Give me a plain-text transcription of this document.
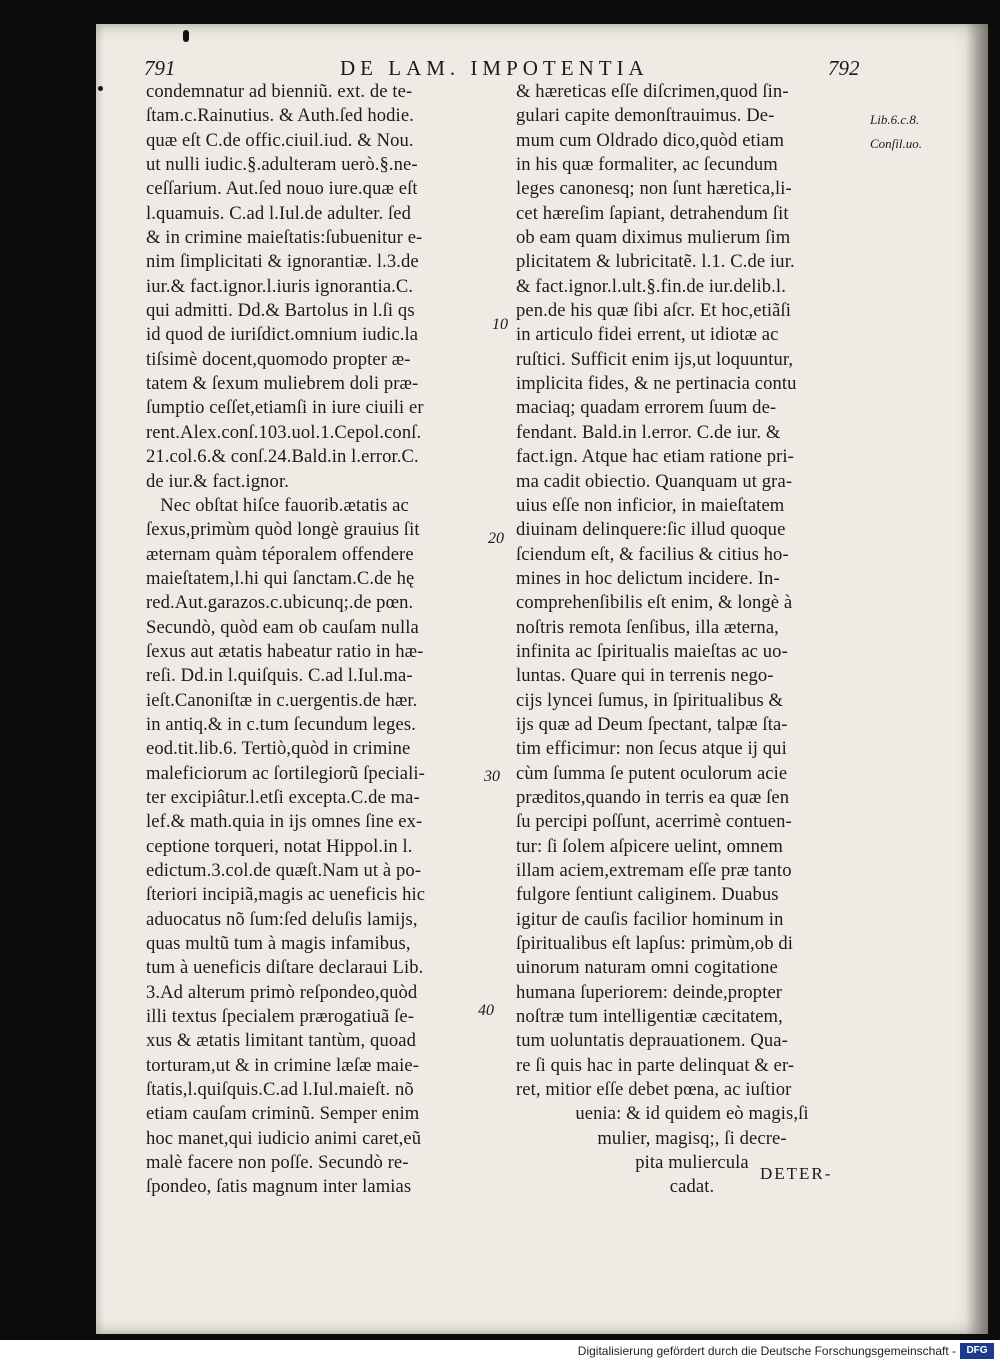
791	DE LAM. IMPOTENTIA	792
condemnatur ad bienniũ. ext. de te-
ſtam.c.Rainutius. & Auth.ſed hodie.
quæ eſt C.de offic.ciuil.iud. & Nou.
ut nulli iudic.§.adulteram uerò.§.ne-
ceſſarium. Aut.ſed nouo iure.quæ eſt
l.quamuis. C.ad l.Iul.de adulter. ſed
& in crimine maieſtatis:ſubuenitur e-
nim ſimplicitati & ignorantiæ. l.3.de
iur.& fact.ignor.l.iuris ignorantia.C.
qui admitti. Dd.& Bartolus in l.ſi qs
id quod de iuriſdict.omnium iudic.la
tiſsimè docent,quomodo propter æ-
tatem & ſexum muliebrem doli præ-
ſumptio ceſſet,etiamſi in iure ciuili er
rent.Alex.conſ.103.uol.1.Cepol.conſ.
21.col.6.& conſ.24.Bald.in l.error.C.
de iur.& fact.ignor.
Nec obſtat hiſce fauorib.ætatis ac
ſexus,primùm quòd longè grauius ſit
æternam quàm téporalem offendere
maieſtatem,l.hi qui ſanctam.C.de hę
red.Aut.garazos.c.ubicunq;.de pœn.
Secundò, quòd eam ob cauſam nulla
ſexus aut ætatis habeatur ratio in hæ-
reſi. Dd.in l.quiſquis. C.ad l.Iul.ma-
ieſt.Canoniſtæ in c.uergentis.de hær.
in antiq.& in c.tum ſecundum leges.
eod.tit.lib.6. Tertiò,quòd in crimine
maleficiorum ac ſortilegiorũ ſpeciali-
ter excipiâtur.l.etſi excepta.C.de ma-
lef.& math.quia in ijs omnes ſine ex-
ceptione torqueri, notat Hippol.in l.
edictum.3.col.de quæſt.Nam ut à po-
ſteriori incipiã,magis ac ueneficis hic
aduocatus nõ ſum:ſed deluſis lamijs,
quas multũ tum à magis infamibus,
tum à ueneficis diſtare declaraui Lib.
3.Ad alterum primò reſpondeo,quòd
illi textus ſpecialem prærogatiuã ſe-
xus & ætatis limitant tantùm, quoad
torturam,ut & in crimine læſæ maie-
ſtatis,l.quiſquis.C.ad l.Iul.maieſt. nõ
etiam cauſam criminũ. Semper enim
hoc manet,qui iudicio animi caret,eũ
malè facere non poſſe. Secundò re-
ſpondeo, ſatis magnum inter lamias
& hæreticas eſſe diſcrimen,quod ſin-
gulari capite demonſtrauimus. De-
mum cum Oldrado dico,quòd etiam
in his quæ formaliter, ac ſecundum
leges canonesq; non ſunt hæretica,li-
cet hæreſim ſapiant, detrahendum ſit
ob eam quam diximus mulierum ſim
plicitatem & lubricitatẽ. l.1. C.de iur.
& fact.ignor.l.ult.§.fin.de iur.delib.l.
pen.de his quæ ſibi aſcr. Et hoc,etiãſi
in articulo fidei errent, ut idiotæ ac
ruſtici. Sufficit enim ijs,ut loquuntur,
implicita fides, & ne pertinacia contu
maciaq; quadam errorem ſuum de-
fendant. Bald.in l.error. C.de iur. &
fact.ign. Atque hac etiam ratione pri-
ma cadit obiectio. Quanquam ut gra-
uius eſſe non inficior, in maieſtatem
diuinam delinquere:ſic illud quoque
ſciendum eſt, & facilius & citius ho-
mines in hoc delictum incidere. In-
comprehenſibilis eſt enim, & longè à
noſtris remota ſenſibus, illa æterna,
infinita ac ſpiritualis maieſtas ac uo-
luntas. Quare qui in terrenis nego-
cijs lyncei ſumus, in ſpiritualibus &
ijs quæ ad Deum ſpectant, talpæ ſta-
tim efficimur: non ſecus atque ij qui
cùm ſumma ſe putent oculorum acie
præditos,quando in terris ea quæ ſen
ſu percipi poſſunt, acerrimè contuen-
tur: ſi ſolem aſpicere uelint, omnem
illam aciem,extremam eſſe præ tanto
fulgore ſentiunt caliginem. Duabus
igitur de cauſis facilior hominum in
ſpiritualibus eſt lapſus: primùm,ob di
uinorum naturam omni cogitatione
humana ſuperiorem: deinde,propter
noſtræ tum intelligentiæ cæcitatem,
tum uoluntatis deprauationem. Qua-
re ſi quis hac in parte delinquat & er-
ret, mitior eſſe debet pœna, ac iuſtior
uenia: & id quidem eò magis,ſi
mulier, magisq;, ſi decre-
pita muliercula
cadat.
10
20
30
40
Lib.6.c.8.
Conſil.uo.
DETER-
Digitalisierung gefördert durch die Deutsche Forschungsgemeinschaft -	DFG
